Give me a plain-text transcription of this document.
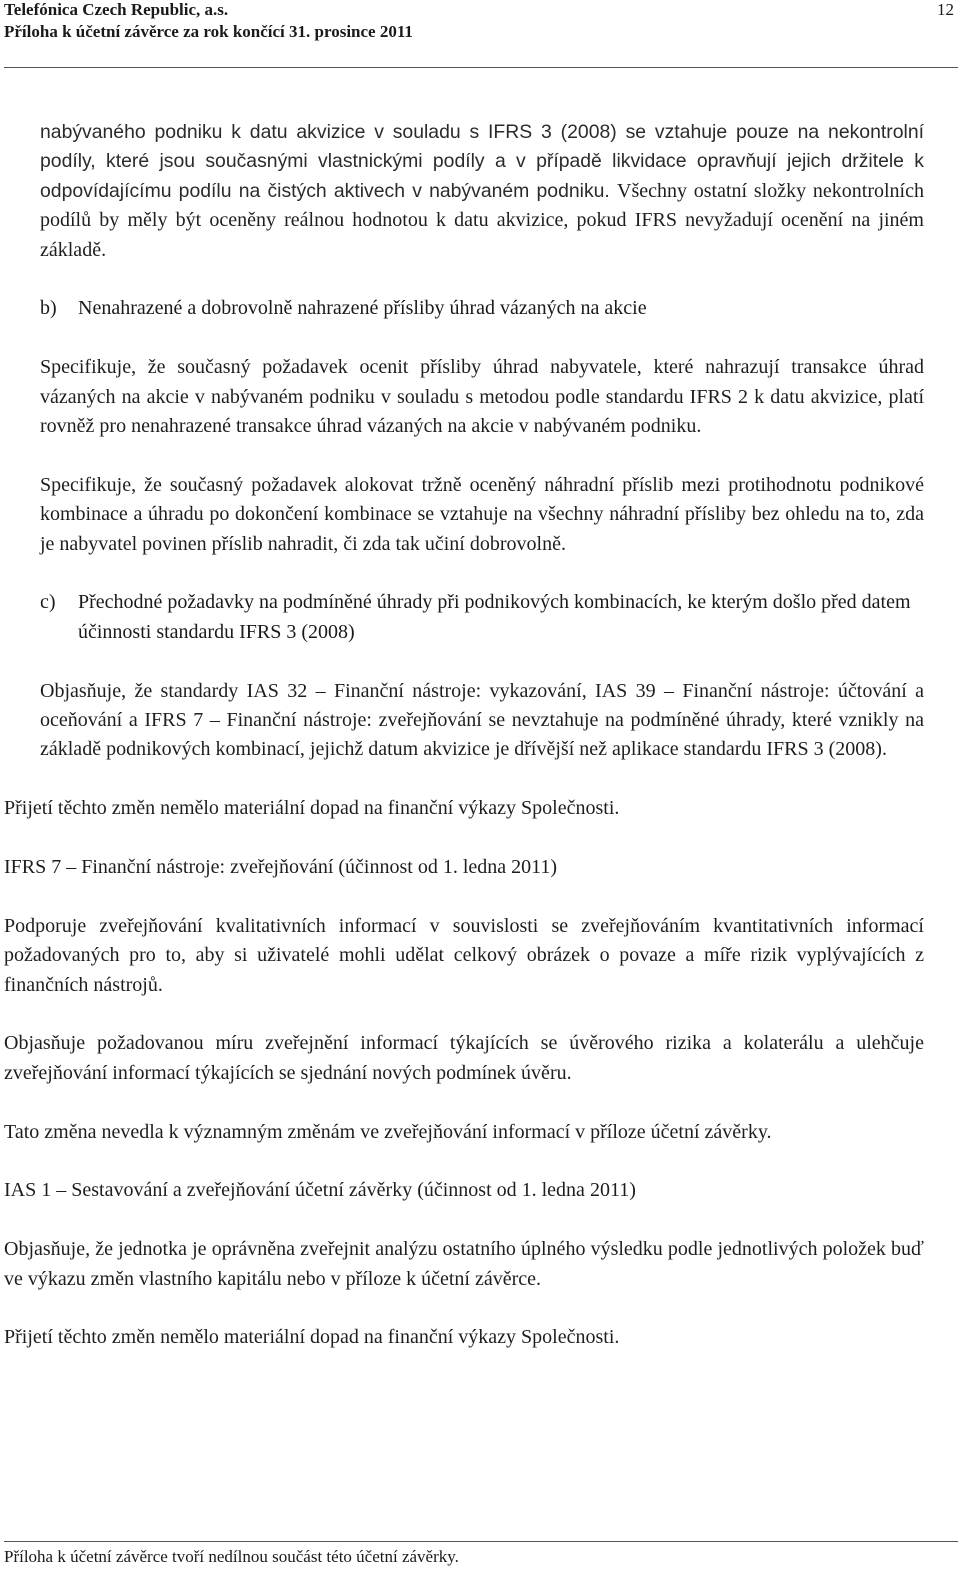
Telefónica Czech Republic, a.s.
Příloha k účetní závěrce za rok končící 31. prosince 2011
12

nabývaného podniku k datu akvizice v souladu s IFRS 3 (2008) se vztahuje pouze na nekontrolní podíly, které jsou současnými vlastnickými podíly a v případě likvidace opravňují jejich držitele k odpovídajícímu podílu na čistých aktivech v nabývaném podniku. Všechny ostatní složky nekontrolních podílů by měly být oceněny reálnou hodnotou k datu akvizice, pokud IFRS nevyžadují ocenění na jiném základě.

b)	Nenahrazené a dobrovolně nahrazené přísliby úhrad vázaných na akcie

Specifikuje, že současný požadavek ocenit přísliby úhrad nabyvatele, které nahrazují transakce úhrad vázaných na akcie v nabývaném podniku v souladu s metodou podle standardu IFRS 2 k datu akvizice, platí rovněž pro nenahrazené transakce úhrad vázaných na akcie v nabývaném podniku.

Specifikuje, že současný požadavek alokovat tržně oceněný náhradní příslib mezi protihodnotu podnikové kombinace a úhradu po dokončení kombinace se vztahuje na všechny náhradní přísliby bez ohledu na to, zda je nabyvatel povinen příslib nahradit, či zda tak učiní dobrovolně.

c)	Přechodné požadavky na podmíněné úhrady při podnikových kombinacích, ke kterým došlo před datem účinnosti standardu IFRS 3 (2008)

Objasňuje, že standardy IAS 32 – Finanční nástroje: vykazování, IAS 39 – Finanční nástroje: účtování a oceňování a IFRS 7 – Finanční nástroje: zveřejňování se nevztahuje na podmíněné úhrady, které vznikly na základě podnikových kombinací, jejichž datum akvizice je dřívější než aplikace standardu IFRS 3 (2008).

Přijetí těchto změn nemělo materiální dopad na finanční výkazy Společnosti.

IFRS 7 – Finanční nástroje: zveřejňování (účinnost od 1. ledna 2011)

Podporuje zveřejňování kvalitativních informací v souvislosti se zveřejňováním kvantitativních informací požadovaných pro to, aby si uživatelé mohli udělat celkový obrázek o povaze a míře rizik vyplývajících z finančních nástrojů.

Objasňuje požadovanou míru zveřejnění informací týkajících se úvěrového rizika a kolaterálu a ulehčuje zveřejňování informací týkajících se sjednání nových podmínek úvěru.

Tato změna nevedla k významným změnám ve zveřejňování informací v příloze účetní závěrky.

IAS 1 – Sestavování a zveřejňování účetní závěrky (účinnost od 1. ledna 2011)

Objasňuje, že jednotka je oprávněna zveřejnit analýzu ostatního úplného výsledku podle jednotlivých položek buď ve výkazu změn vlastního kapitálu nebo v příloze k účetní závěrce.

Přijetí těchto změn nemělo materiální dopad na finanční výkazy Společnosti.

Příloha k účetní závěrce tvoří nedílnou součást této účetní závěrky.
